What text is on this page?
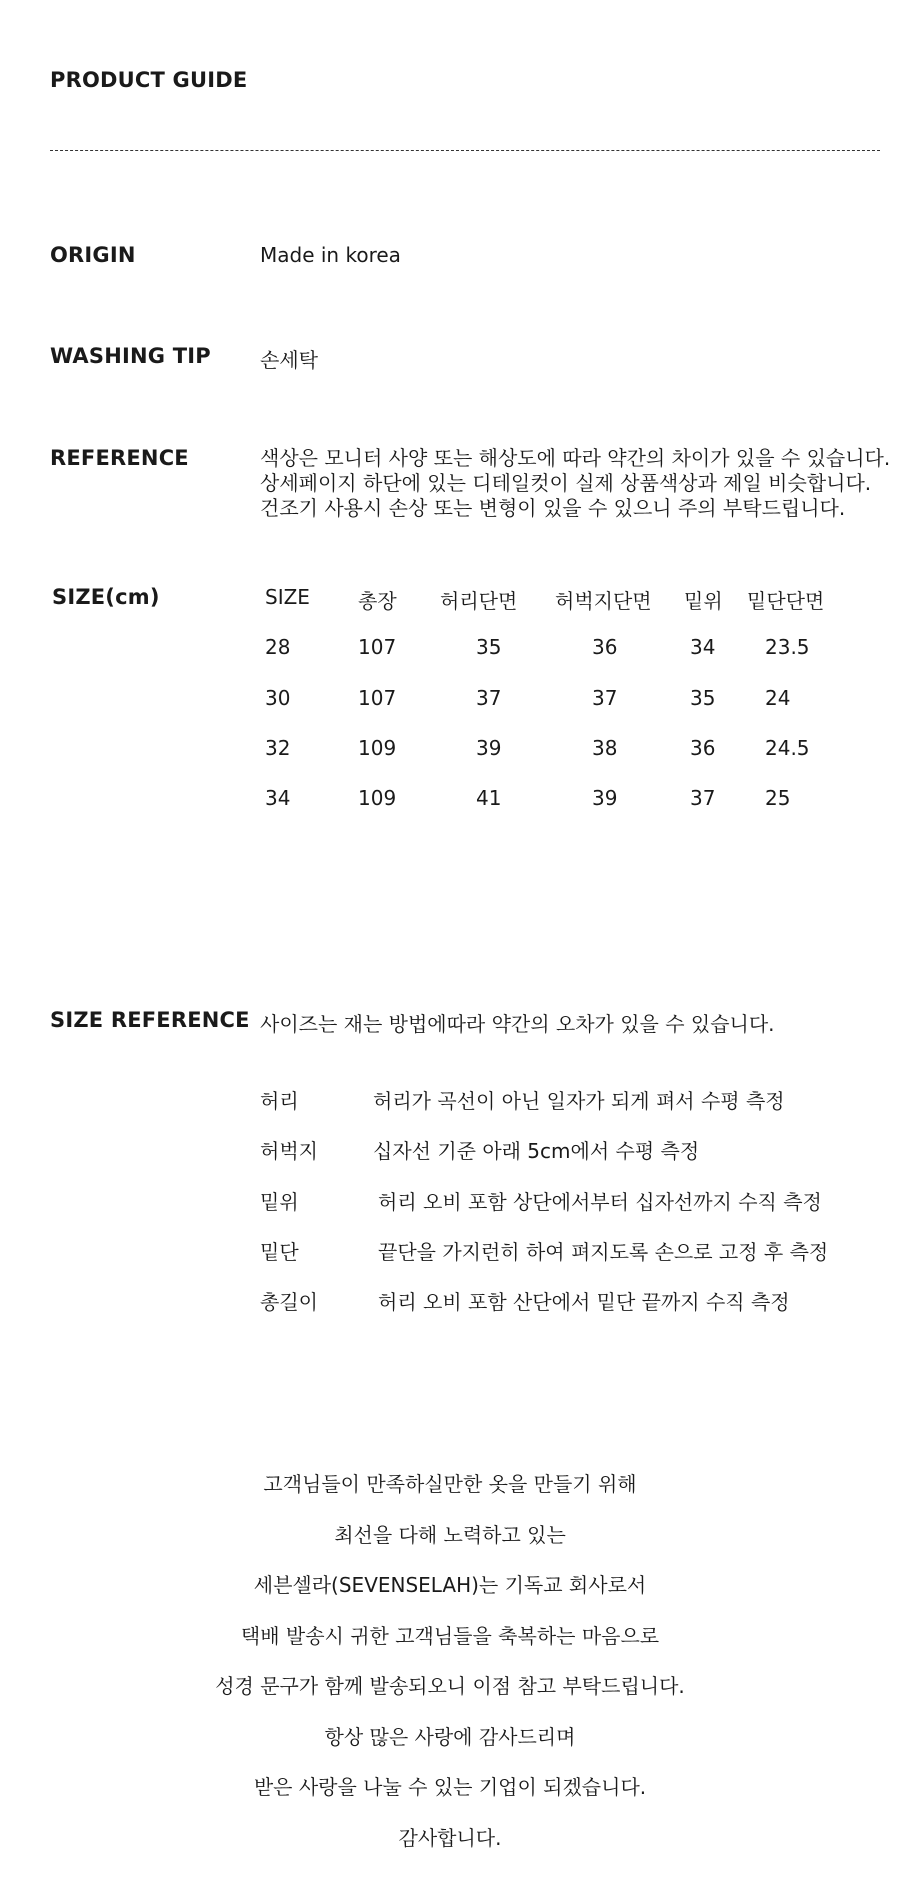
PRODUCT GUIDE
ORIGIN	Made in korea
WASHING TIP 손세탁
REFERENCE	색상은 모니터 사양 또는 해상도에 따라 약간의 차이가 있을 수 있습니다.
상세페이지 하단에 있는 디테일컷이 실제 상품색상과 제일 비슷합니다.
건조기 사용시 손상 또는 변형이 있을 수 있으니 주의 부탁드립니다.
SIZE(cm)	SIZE 총장 허리단면 허벅지단면 밑위 밑단단면
28	107	35	36	34 23.5
30	107	37	37	35 24
32	109	39	38	36 24.5
34	109	41	39	37 25
SIZE REFERENCE 사이즈는 재는 방법에따라 약간의 오차가 있을 수 있습니다.
허리	허리가 곡선이 아닌 일자가 되게 펴서 수평 측정
허벅지	십자선 기준 아래 5cm에서 수평 측정
밑위	허리 오비 포함 상단에서부터 십자선까지 수직 측정
밑단	끝단을 가지런히 하여 펴지도록 손으로 고정 후 측정
총길이	허리 오비 포함 산단에서 밑단 끝까지 수직 측정
고객님들이 만족하실만한 옷을 만들기 위해
최선을 다해 노력하고 있는
세븐셀라(SEVENSELAH)는 기독교 회사로서
택배 발송시 귀한 고객님들을 축복하는 마음으로
성경 문구가 함께 발송되오니 이점 참고 부탁드립니다.
항상 많은 사랑에 감사드리며
받은 사랑을 나눌 수 있는 기업이 되겠습니다.
감사합니다.
